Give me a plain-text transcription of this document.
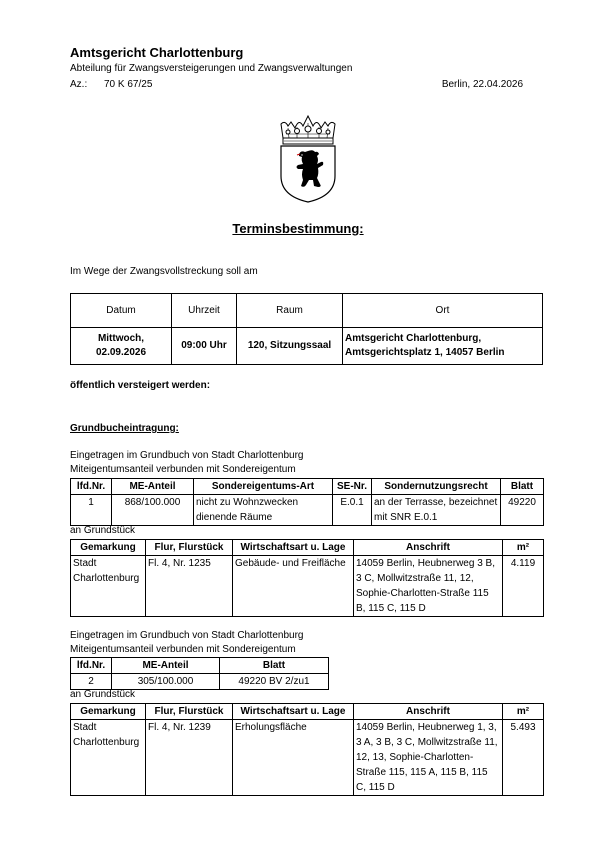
Amtsgericht Charlottenburg
Abteilung für Zwangsversteigerungen und Zwangsverwaltungen
Az.: 70 K 67/25	Berlin, 22.04.2026
Terminsbestimmung:
Im Wege der Zwangsvollstreckung soll am
Datum	Uhrzeit	Raum	Ort
Mittwoch, 02.09.2026	09:00 Uhr	120, Sitzungssaal	Amtsgericht Charlottenburg, Amtsgerichtsplatz 1, 14057 Berlin
öffentlich versteigert werden:
Grundbucheintragung:
Eingetragen im Grundbuch von Stadt Charlottenburg
Miteigentumsanteil verbunden mit Sondereigentum
lfd.Nr.	ME-Anteil	Sondereigentums-Art	SE-Nr.	Sondernutzungsrecht	Blatt
1	868/100.000	nicht zu Wohnzwecken dienende Räume	E.0.1	an der Terrasse, bezeichnet mit SNR E.0.1	49220
an Grundstück
Gemarkung	Flur, Flurstück	Wirtschaftsart u. Lage	Anschrift	m²
Stadt Charlottenburg	Fl. 4, Nr. 1235	Gebäude- und Freifläche	14059 Berlin, Heubnerweg 3 B, 3 C, Mollwitzstraße 11, 12, Sophie-Charlotten-Straße 115 B, 115 C, 115 D	4.119
Eingetragen im Grundbuch von Stadt Charlottenburg
Miteigentumsanteil verbunden mit Sondereigentum
lfd.Nr.	ME-Anteil	Blatt
2	305/100.000	49220 BV 2/zu1
an Grundstück
Gemarkung	Flur, Flurstück	Wirtschaftsart u. Lage	Anschrift	m²
Stadt Charlottenburg	Fl. 4, Nr. 1239	Erholungsfläche	14059 Berlin, Heubnerweg 1, 3, 3 A, 3 B, 3 C, Mollwitzstraße 11, 12, 13, Sophie-Charlotten-Straße 115, 115 A, 115 B, 115 C, 115 D	5.493
